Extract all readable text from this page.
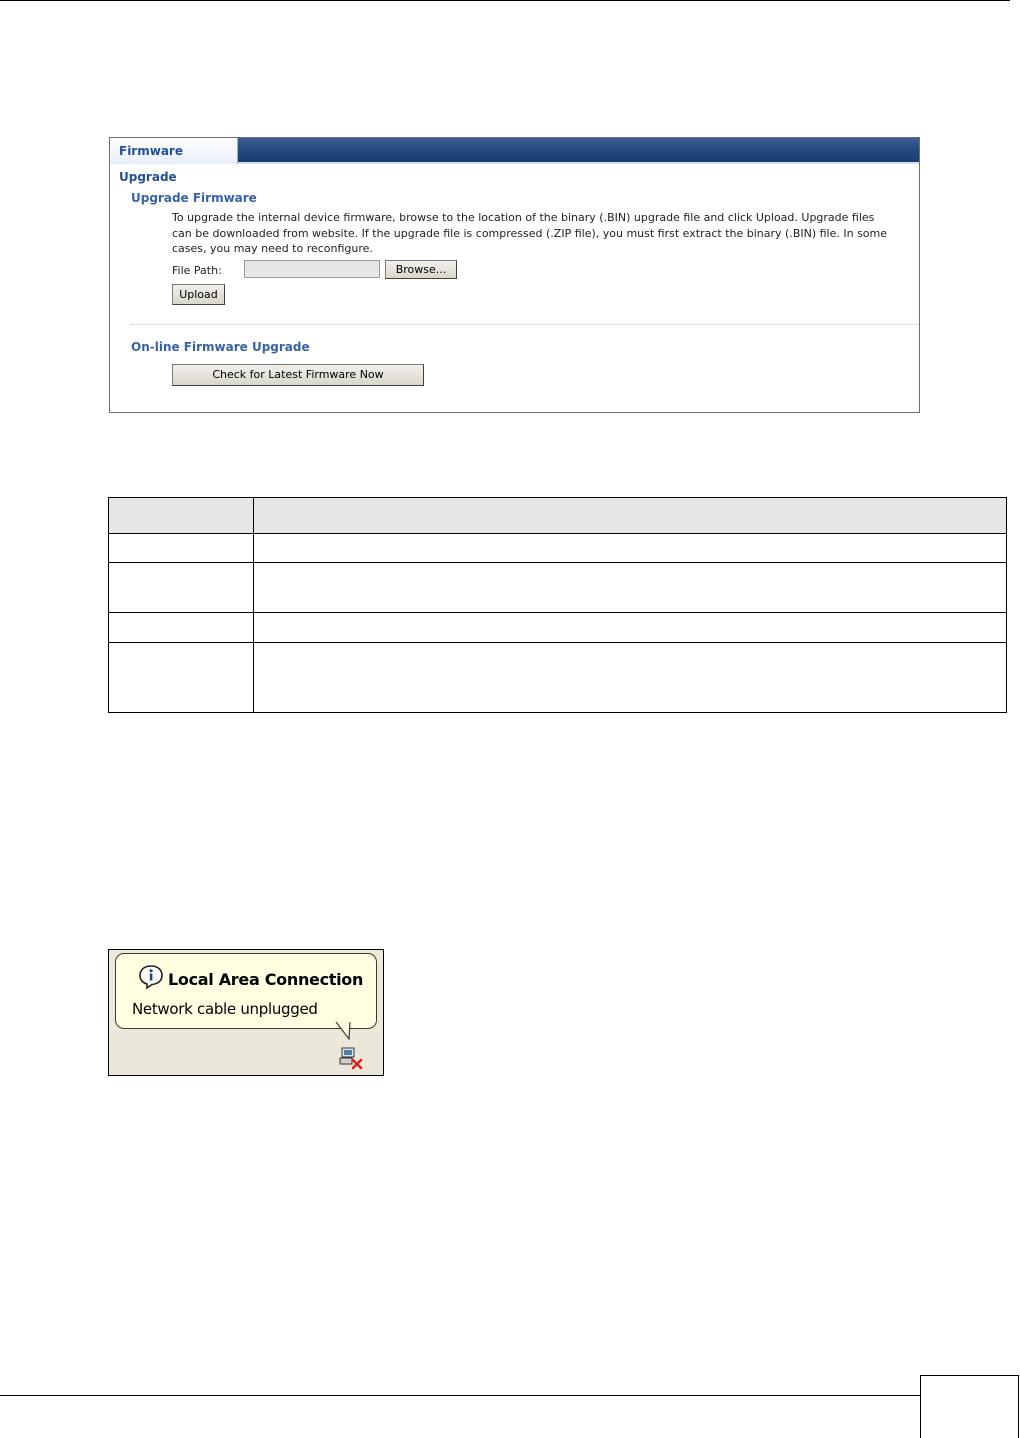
Firmware Upgrade
Upgrade Firmware
To upgrade the internal device firmware, browse to the location of the binary (.BIN) upgrade file and click Upload. Upgrade files can be downloaded from website. If the upgrade file is compressed (.ZIP file), you must first extract the binary (.BIN) file. In some cases, you may need to reconfigure.
File Path:	Browse...
Upload
On-line Firmware Upgrade
Check for Latest Firmware Now

Local Area Connection
Network cable unplugged
